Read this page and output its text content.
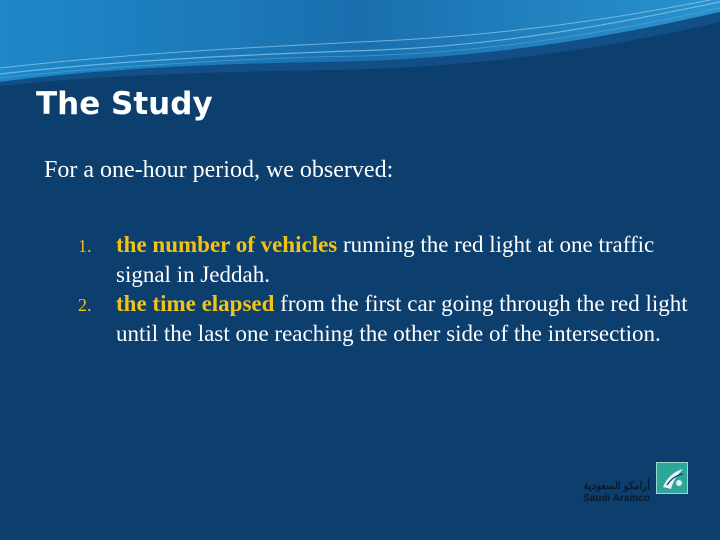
The Study

For a one-hour period, we observed:

1. the number of vehicles running the red light at one traffic signal in Jeddah.
2. the time elapsed from the first car going through the red light until the last one reaching the other side of the intersection.
أرامكو السعودية
Saudi Aramco
